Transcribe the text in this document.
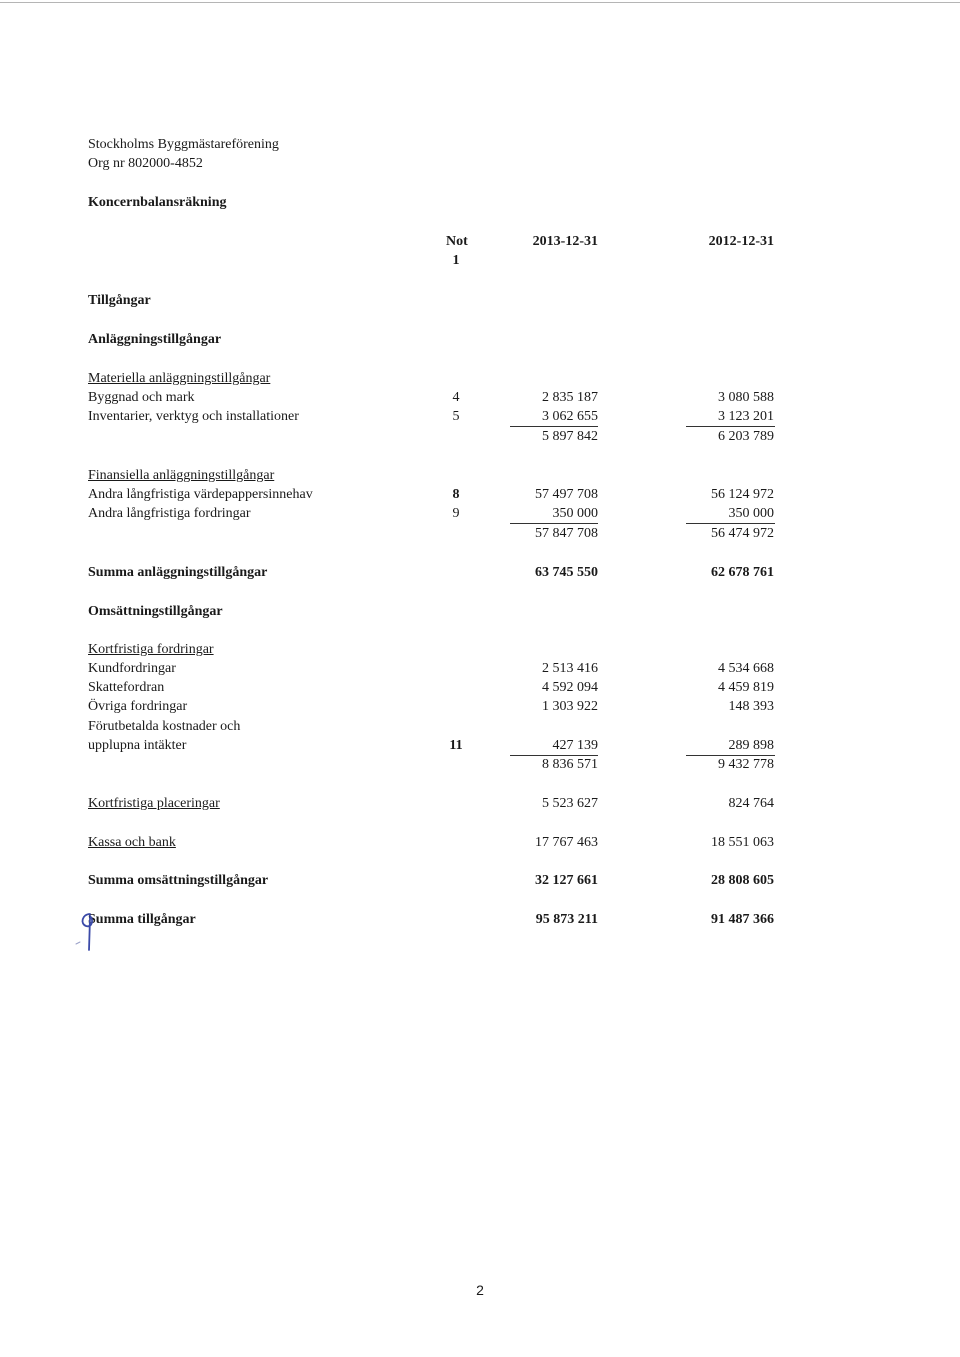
Stockholms Byggmästareförening
Org nr 802000-4852
Koncernbalansräkning
Not
1
2013-12-31	2012-12-31
Tillgångar
Anläggningstillgångar
Materiella anläggningstillgångar
Byggnad och mark	4	2 835 187	3 080 588
Inventarier, verktyg och installationer	5	3 062 655	3 123 201
5 897 842	6 203 789
Finansiella anläggningstillgångar
Andra långfristiga värdepappersinnehav	8	57 497 708	56 124 972
Andra långfristiga fordringar	9	350 000	350 000
57 847 708	56 474 972
Summa anläggningstillgångar	63 745 550	62 678 761
Omsättningstillgångar
Kortfristiga fordringar
Kundfordringar	2 513 416	4 534 668
Skattefordran	4 592 094	4 459 819
Övriga fordringar	1 303 922	148 393
Förutbetalda kostnader och
upplupna intäkter	11	427 139	289 898
8 836 571	9 432 778
Kortfristiga placeringar	5 523 627	824 764
Kassa och bank	17 767 463	18 551 063
Summa omsättningstillgångar	32 127 661	28 808 605
Summa tillgångar	95 873 211	91 487 366
2
